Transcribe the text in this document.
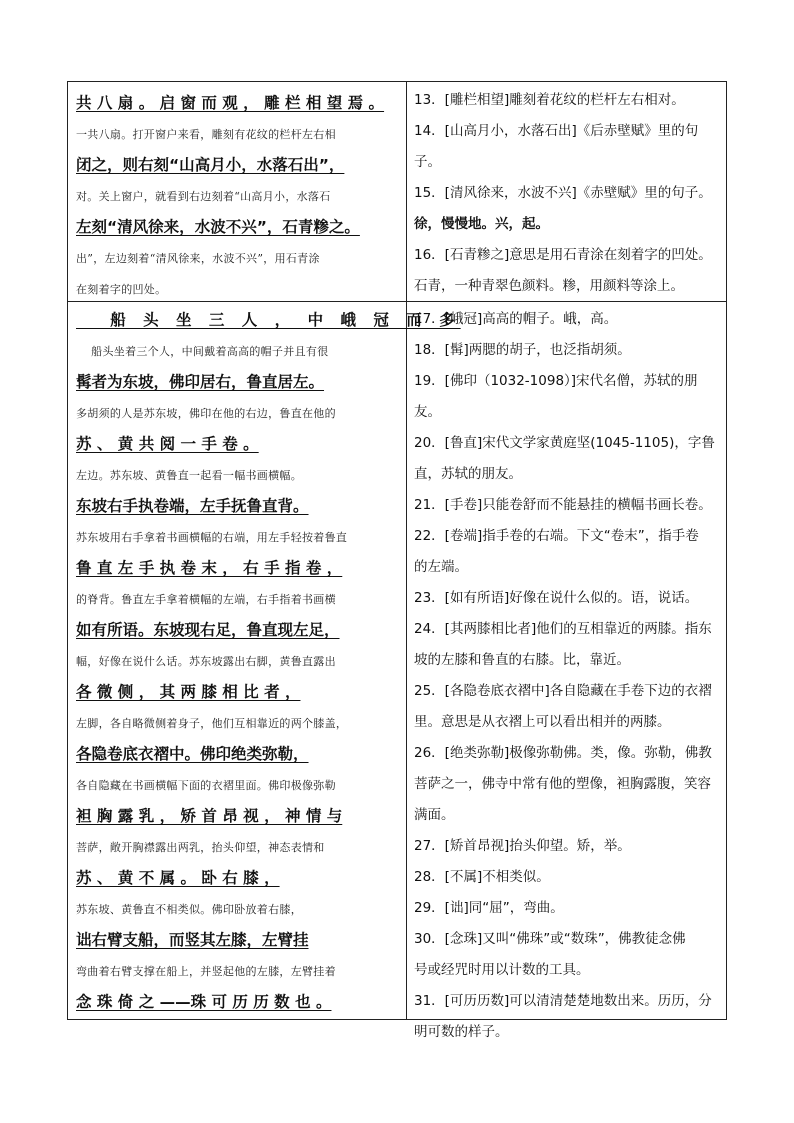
共 八 扇 。 启 窗 而 观 ， 雕 栏 相 望 焉 。
一共八扇。打开窗户来看，雕刻有花纹的栏杆左右相
闭之，则右刻“山高月小，水落石出”，
对。关上窗户，就看到右边刻着“山高月小，水落石
左刻“清风徐来，水波不兴”，石青糁之。
出”，左边刻着“清风徐来，水波不兴”，用石青涂
在刻着字的凹处。
13．[雕栏相望]雕刻着花纹的栏杆左右相对。
14．[山高月小，水落石出]《后赤壁赋》里的句子。
15．[清风徐来，水波不兴]《赤壁赋》里的句子。
徐，慢慢地。兴，起。
16．[石青糁之]意思是用石青涂在刻着字的凹处。
石青，一种青翠色颜料。糁，用颜料等涂上。
船 头 坐 三 人 ， 中 峨 冠 而 多
船头坐着三个人，中间戴着高高的帽子并且有很
髯者为东坡，佛印居右，鲁直居左。
多胡须的人是苏东坡，佛印在他的右边，鲁直在他的
苏 、 黄 共 阅 一 手 卷 。
左边。苏东坡、黄鲁直一起看一幅书画横幅。
东坡右手执卷端，左手抚鲁直背。
苏东坡用右手拿着书画横幅的右端，用左手轻按着鲁直
鲁 直 左 手 执 卷 末 ， 右 手 指 卷 ，
的脊背。鲁直左手拿着横幅的左端，右手指着书画横
如有所语。东坡现右足，鲁直现左足，
幅，好像在说什么话。苏东坡露出右脚，黄鲁直露出
各 微 侧 ， 其 两 膝 相 比 者 ，
左脚，各自略微侧着身子，他们互相靠近的两个膝盖，
各隐卷底衣褶中。佛印绝类弥勒，
各自隐藏在书画横幅下面的衣褶里面。佛印极像弥勒
袒 胸 露 乳 ， 矫 首 昂 视 ， 神 情 与
菩萨，敞开胸襟露出两乳，抬头仰望，神态表情和
苏 、 黄 不 属 。 卧 右 膝 ，
苏东坡、黄鲁直不相类似。佛印卧放着右膝，
诎右臂支船，而竖其左膝，左臂挂
弯曲着右臂支撑在船上，并竖起他的左膝，左臂挂着
念 珠 倚 之 ——珠 可 历 历 数 也 。
17．[峨冠]高高的帽子。峨，高。
18．[髯]两腮的胡子，也泛指胡须。
19．[佛印（1032-1098）]宋代名僧，苏轼的朋友。
20．[鲁直]宋代文学家黄庭坚(1045-1105)，字鲁
直，苏轼的朋友。
21．[手卷]只能卷舒而不能悬挂的横幅书画长卷。
22．[卷端]指手卷的右端。下文“卷末”，指手卷
的左端。
23．[如有所语]好像在说什么似的。语，说话。
24．[其两膝相比者]他们的互相靠近的两膝。指东
坡的左膝和鲁直的右膝。比，靠近。
25．[各隐卷底衣褶中]各自隐藏在手卷下边的衣褶
里。意思是从衣褶上可以看出相并的两膝。
26．[绝类弥勒]极像弥勒佛。类，像。弥勒，佛教
菩萨之一，佛寺中常有他的塑像，袒胸露腹，笑容
满面。
27．[矫首昂视]抬头仰望。矫，举。
28．[不属]不相类似。
29．[诎]同“屈”，弯曲。
30．[念珠]又叫“佛珠”或“数珠”，佛教徒念佛
号或经咒时用以计数的工具。
31．[可历历数]可以清清楚楚地数出来。历历，分
明可数的样子。
